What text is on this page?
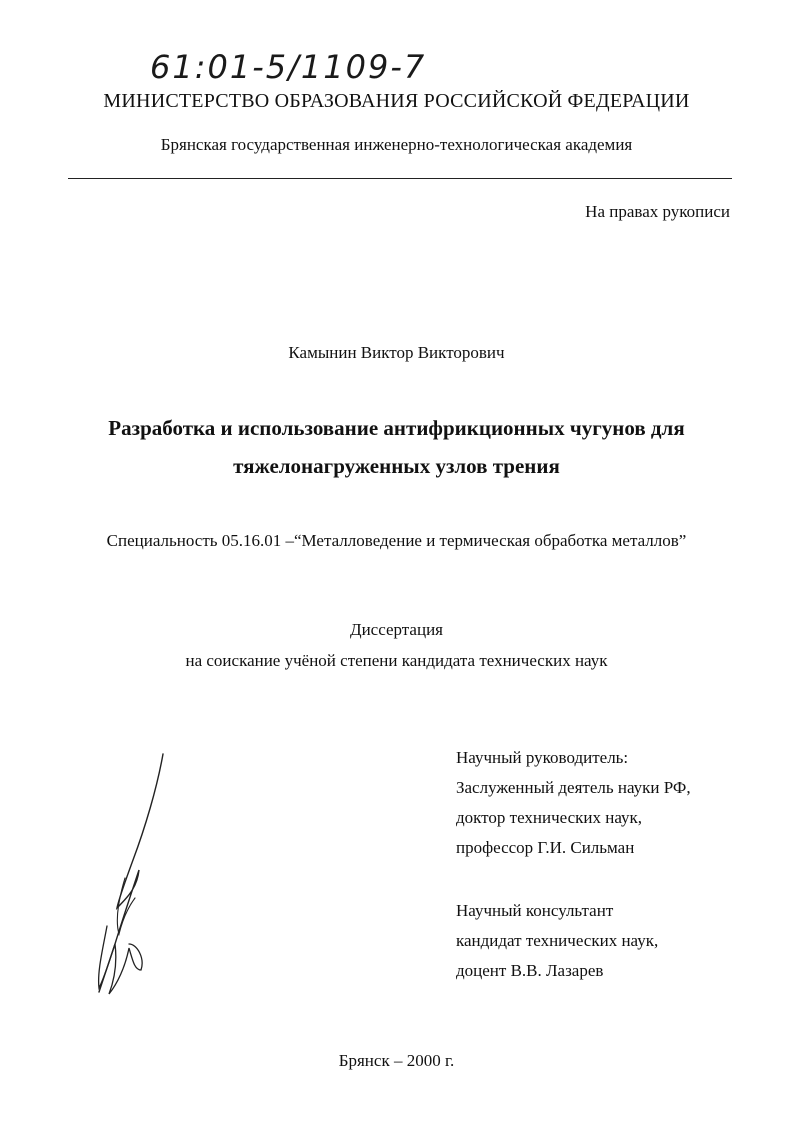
61:01-5/1109-7
МИНИСТЕРСТВО ОБРАЗОВАНИЯ РОССИЙСКОЙ ФЕДЕРАЦИИ
Брянская государственная инженерно-технологическая академия
На правах рукописи
Камынин Виктор Викторович
Разработка и использование антифрикционных чугунов для
тяжелонагруженных узлов трения
Специальность 05.16.01 –“Металловедение и термическая обработка металлов”
Диссертация
на соискание учёной степени кандидата технических наук
Научный руководитель:
Заслуженный деятель науки РФ,
доктор технических наук,
профессор Г.И. Сильман
Научный консультант
кандидат технических наук,
доцент В.В. Лазарев
Брянск – 2000 г.
